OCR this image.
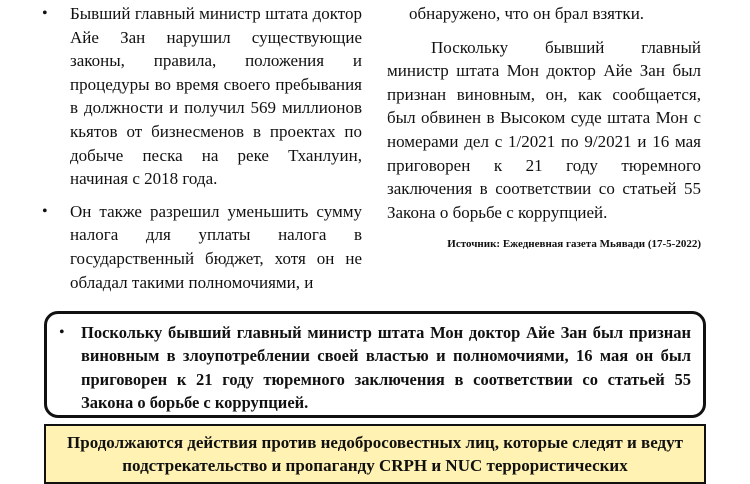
• Бывший главный министр штата доктор Айе Зан нарушил существующие законы, правила, положения и процедуры во время своего пребывания в должности и получил 569 миллионов кьятов от бизнесменов в проектах по добыче песка на реке Тханлуин, начиная с 2018 года.

• Он также разрешил уменьшить сумму налога для уплаты налога в государственный бюджет, хотя он не обладал такими полномочиями, и

обнаружено, что он брал взятки.

Поскольку бывший главный министр штата Мон доктор Айе Зан был признан виновным, он, как сообщается, был обвинен в Высоком суде штата Мон с номерами дел с 1/2021 по 9/2021 и 16 мая приговорен к 21 году тюремного заключения в соответствии со статьей 55 Закона о борьбе с коррупцией.

Источник: Ежедневная газета Мьявади (17-5-2022)
• Поскольку бывший главный министр штата Мон доктор Айе Зан был признан виновным в злоупотреблении своей властью и полномочиями, 16 мая он был приговорен к 21 году тюремного заключения в соответствии со статьей 55 Закона о борьбе с коррупцией.

Продолжаются действия против недобросовестных лиц, которые следят и ведут подстрекательство и пропаганду CRPH и NUC террористических
